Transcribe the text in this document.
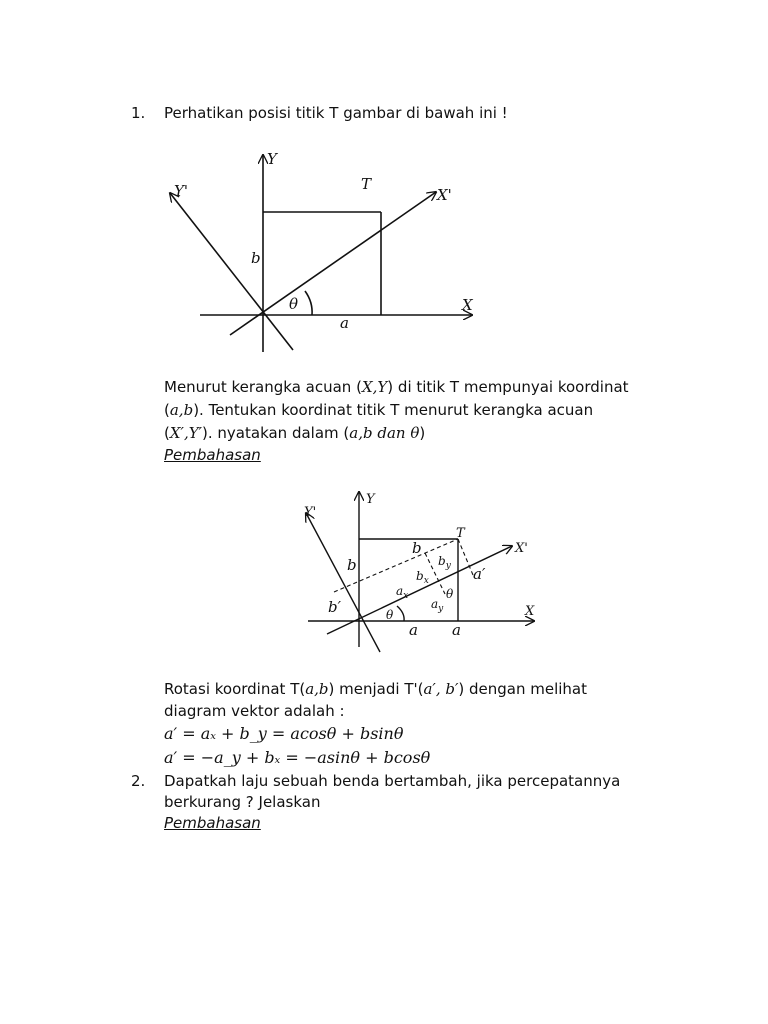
1. Perhatikan posisi titik T gambar di bawah ini !
Y
Y'	T
X'
b
θ	X
a
Menurut kerangka acuan (X,Y) di titik T mempunyai koordinat
(a,b). Tentukan koordinat titik T menurut kerangka acuan
(X′,Y′). nyatakan dalam (a,b dan θ)
Pembahasan
Y
Y'
T
b
$b_y$
X'
b
$b_x$	a′
$a_x$	θ
$a_y$
b′	θ
a a
X
Rotasi koordinat T(a,b) menjadi T'(a′, b′) dengan melihat
diagram vektor adalah :
a′ = aₓ + b_y = acosθ + bsinθ
a′ = −a_y + bₓ = −asinθ + bcosθ
2. Dapatkah laju sebuah benda bertambah, jika percepatannya
berkurang ? Jelaskan
Pembahasan
